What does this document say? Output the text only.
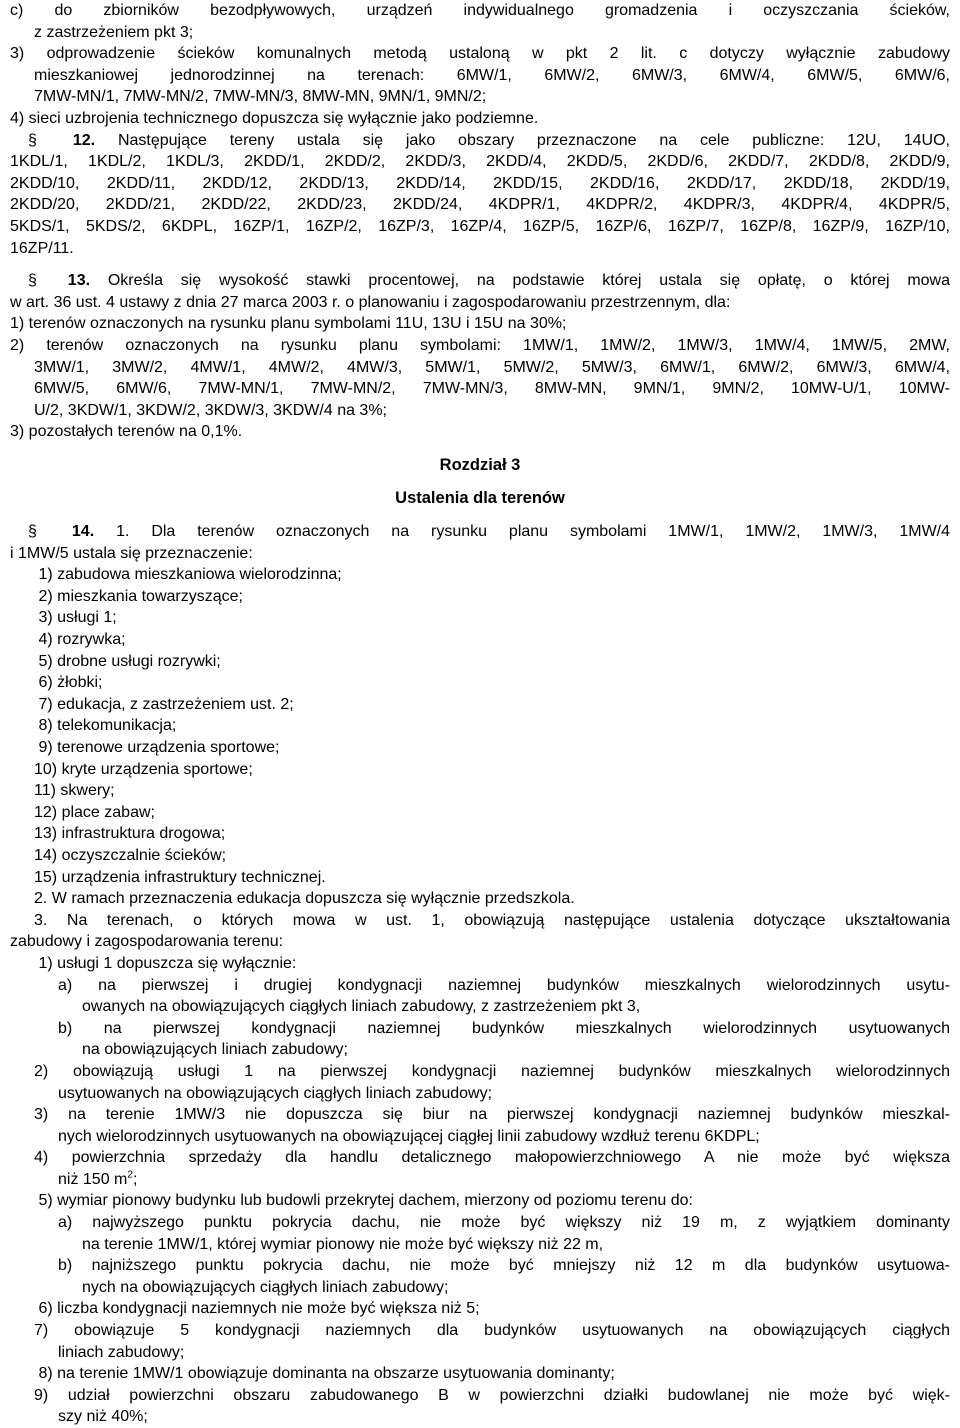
c) do zbiorników bezodpływowych, urządzeń indywidualnego gromadzenia i oczyszczania ścieków,
z zastrzeżeniem pkt 3;
3) odprowadzenie ścieków komunalnych metodą ustaloną w pkt 2 lit. c dotyczy wyłącznie zabudowy
mieszkaniowej jednorodzinnej na terenach: 6MW/1, 6MW/2, 6MW/3, 6MW/4, 6MW/5, 6MW/6,
7MW-MN/1, 7MW-MN/2, 7MW-MN/3, 8MW-MN, 9MN/1, 9MN/2;
4) sieci uzbrojenia technicznego dopuszcza się wyłącznie jako podziemne.
§ 12. Następujące tereny ustala się jako obszary przeznaczone na cele publiczne: 12U, 14UO,
1KDL/1, 1KDL/2, 1KDL/3, 2KDD/1, 2KDD/2, 2KDD/3, 2KDD/4, 2KDD/5, 2KDD/6, 2KDD/7, 2KDD/8, 2KDD/9,
2KDD/10, 2KDD/11, 2KDD/12, 2KDD/13, 2KDD/14, 2KDD/15, 2KDD/16, 2KDD/17, 2KDD/18, 2KDD/19,
2KDD/20, 2KDD/21, 2KDD/22, 2KDD/23, 2KDD/24, 4KDPR/1, 4KDPR/2, 4KDPR/3, 4KDPR/4, 4KDPR/5,
5KDS/1, 5KDS/2, 6KDPL, 16ZP/1, 16ZP/2, 16ZP/3, 16ZP/4, 16ZP/5, 16ZP/6, 16ZP/7, 16ZP/8, 16ZP/9, 16ZP/10,
16ZP/11.
§ 13. Określa się wysokość stawki procentowej, na podstawie której ustala się opłatę, o której mowa
w art. 36 ust. 4 ustawy z dnia 27 marca 2003 r. o planowaniu i zagospodarowaniu przestrzennym, dla:
1) terenów oznaczonych na rysunku planu symbolami 11U, 13U i 15U na 30%;
2) terenów oznaczonych na rysunku planu symbolami: 1MW/1, 1MW/2, 1MW/3, 1MW/4, 1MW/5, 2MW,
3MW/1, 3MW/2, 4MW/1, 4MW/2, 4MW/3, 5MW/1, 5MW/2, 5MW/3, 6MW/1, 6MW/2, 6MW/3, 6MW/4,
6MW/5, 6MW/6, 7MW-MN/1, 7MW-MN/2, 7MW-MN/3, 8MW-MN, 9MN/1, 9MN/2, 10MW-U/1, 10MW-
U/2, 3KDW/1, 3KDW/2, 3KDW/3, 3KDW/4 na 3%;
3) pozostałych terenów na 0,1%.
Rozdział 3
Ustalenia dla terenów
§ 14. 1. Dla terenów oznaczonych na rysunku planu symbolami 1MW/1, 1MW/2, 1MW/3, 1MW/4
i 1MW/5 ustala się przeznaczenie:
1) zabudowa mieszkaniowa wielorodzinna;
2) mieszkania towarzyszące;
3) usługi 1;
4) rozrywka;
5) drobne usługi rozrywki;
6) żłobki;
7) edukacja, z zastrzeżeniem ust. 2;
8) telekomunikacja;
9) terenowe urządzenia sportowe;
10) kryte urządzenia sportowe;
11) skwery;
12) place zabaw;
13) infrastruktura drogowa;
14) oczyszczalnie ścieków;
15) urządzenia infrastruktury technicznej.
2. W ramach przeznaczenia edukacja dopuszcza się wyłącznie przedszkola.
3. Na terenach, o których mowa w ust. 1, obowiązują następujące ustalenia dotyczące ukształtowania
zabudowy i zagospodarowania terenu:
1) usługi 1 dopuszcza się wyłącznie:
a) na pierwszej i drugiej kondygnacji naziemnej budynków mieszkalnych wielorodzinnych usytu-
owanych na obowiązujących ciągłych liniach zabudowy, z zastrzeżeniem pkt 3,
b) na pierwszej kondygnacji naziemnej budynków mieszkalnych wielorodzinnych usytuowanych
na obowiązujących liniach zabudowy;
2) obowiązują usługi 1 na pierwszej kondygnacji naziemnej budynków mieszkalnych wielorodzinnych
usytuowanych na obowiązujących ciągłych liniach zabudowy;
3) na terenie 1MW/3 nie dopuszcza się biur na pierwszej kondygnacji naziemnej budynków mieszkal-
nych wielorodzinnych usytuowanych na obowiązującej ciągłej linii zabudowy wzdłuż terenu 6KDPL;
4) powierzchnia sprzedaży dla handlu detalicznego małopowierzchniowego A nie może być większa
niż 150 $m^2$;
5) wymiar pionowy budynku lub budowli przekrytej dachem, mierzony od poziomu terenu do:
a) najwyższego punktu pokrycia dachu, nie może być większy niż 19 m, z wyjątkiem dominanty
na terenie 1MW/1, której wymiar pionowy nie może być większy niż 22 m,
b) najniższego punktu pokrycia dachu, nie może być mniejszy niż 12 m dla budynków usytuowa-
nych na obowiązujących ciągłych liniach zabudowy;
6) liczba kondygnacji naziemnych nie może być większa niż 5;
7) obowiązuje 5 kondygnacji naziemnych dla budynków usytuowanych na obowiązujących ciągłych
liniach zabudowy;
8) na terenie 1MW/1 obowiązuje dominanta na obszarze usytuowania dominanty;
9) udział powierzchni obszaru zabudowanego B w powierzchni działki budowlanej nie może być więk-
szy niż 40%;
